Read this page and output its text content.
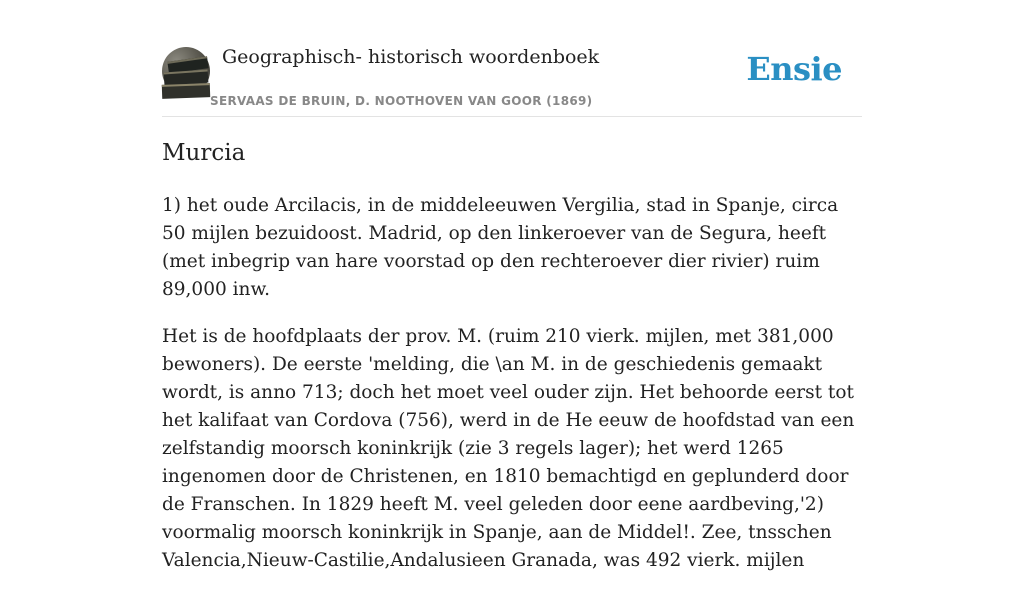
Geographisch- historisch woordenboek
SERVAAS DE BRUIN, D. NOOTHOVEN VAN GOOR (1869)
Ensie
Murcia

1) het oude Arcilacis, in de middeleeuwen Vergilia, stad in Spanje, circa 50 mijlen bezuidoost. Madrid, op den linkeroever van de Segura, heeft (met inbegrip van hare voorstad op den rechteroever dier rivier) ruim 89,000 inw.

Het is de hoofdplaats der prov. M. (ruim 210 vierk. mijlen, met 381,000 bewoners). De eerste 'melding, die \an M. in de geschiedenis gemaakt wordt, is anno 713; doch het moet veel ouder zijn. Het behoorde eerst tot het kalifaat van Cordova (756), werd in de He eeuw de hoofdstad van een zelfstandig moorsch koninkrijk (zie 3 regels lager); het werd 1265 ingenomen door de Christenen, en 1810 bemachtigd en geplunderd door de Franschen. In 1829 heeft M. veel geleden door eene aardbeving,'2) voormalig moorsch koninkrijk in Spanje, aan de Middel!. Zee, tnsschen Valencia,Nieuw-Castilie,Andalusieen Granada, was 492 vierk. mijlen
